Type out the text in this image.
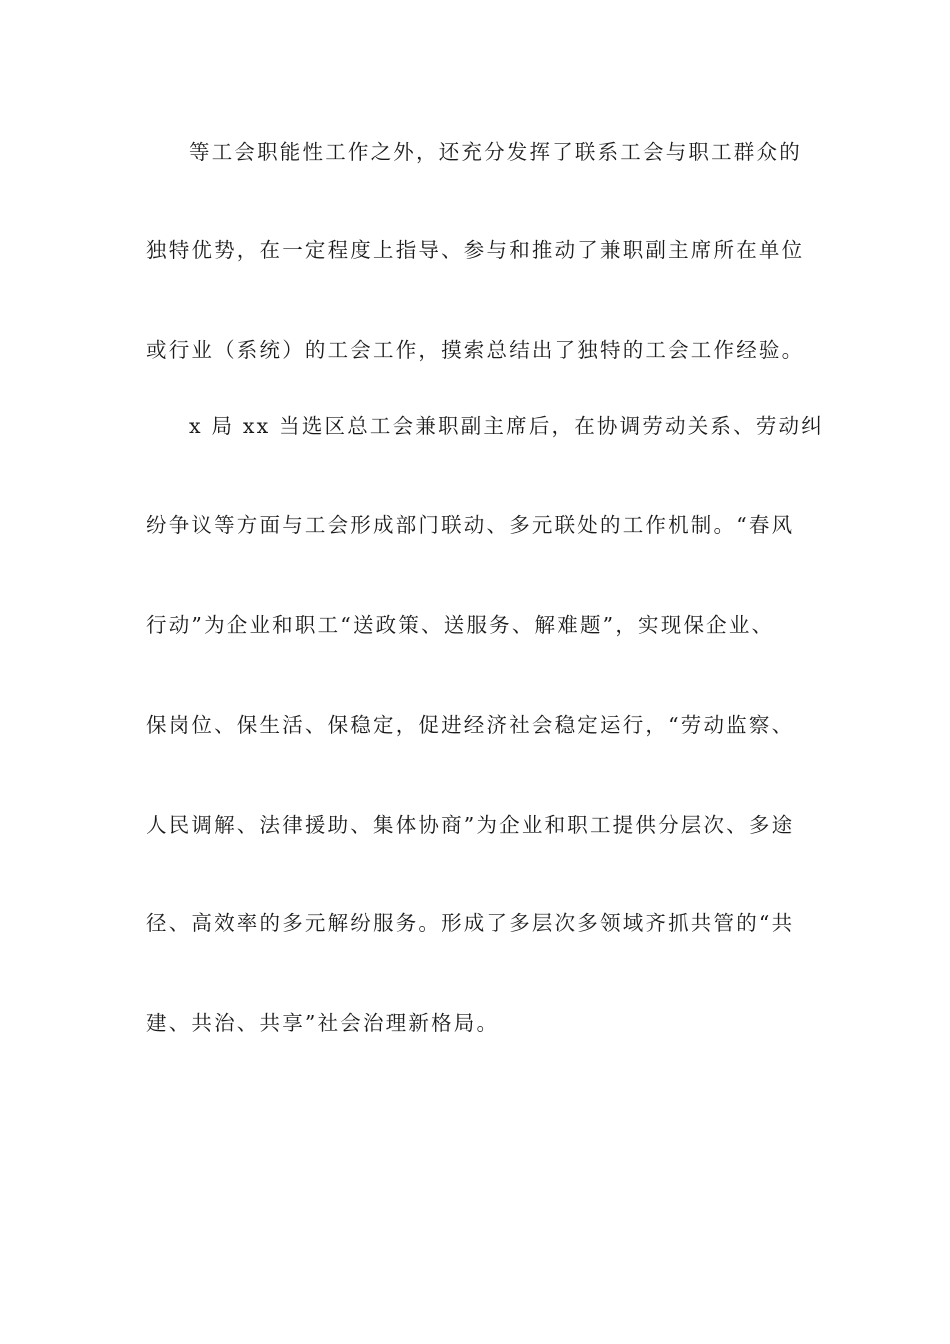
等工会职能性工作之外，还充分发挥了联系工会与职工群众的
独特优势，在一定程度上指导、参与和推动了兼职副主席所在单位
或行业（系统）的工会工作，摸索总结出了独特的工会工作经验。
x 局 xx 当选区总工会兼职副主席后，在协调劳动关系、劳动纠
纷争议等方面与工会形成部门联动、多元联处的工作机制。“春风
行动”为企业和职工“送政策、送服务、解难题”，实现保企业、
保岗位、保生活、保稳定，促进经济社会稳定运行，“劳动监察、
人民调解、法律援助、集体协商”为企业和职工提供分层次、多途
径、高效率的多元解纷服务。形成了多层次多领域齐抓共管的“共
建、共治、共享”社会治理新格局。
